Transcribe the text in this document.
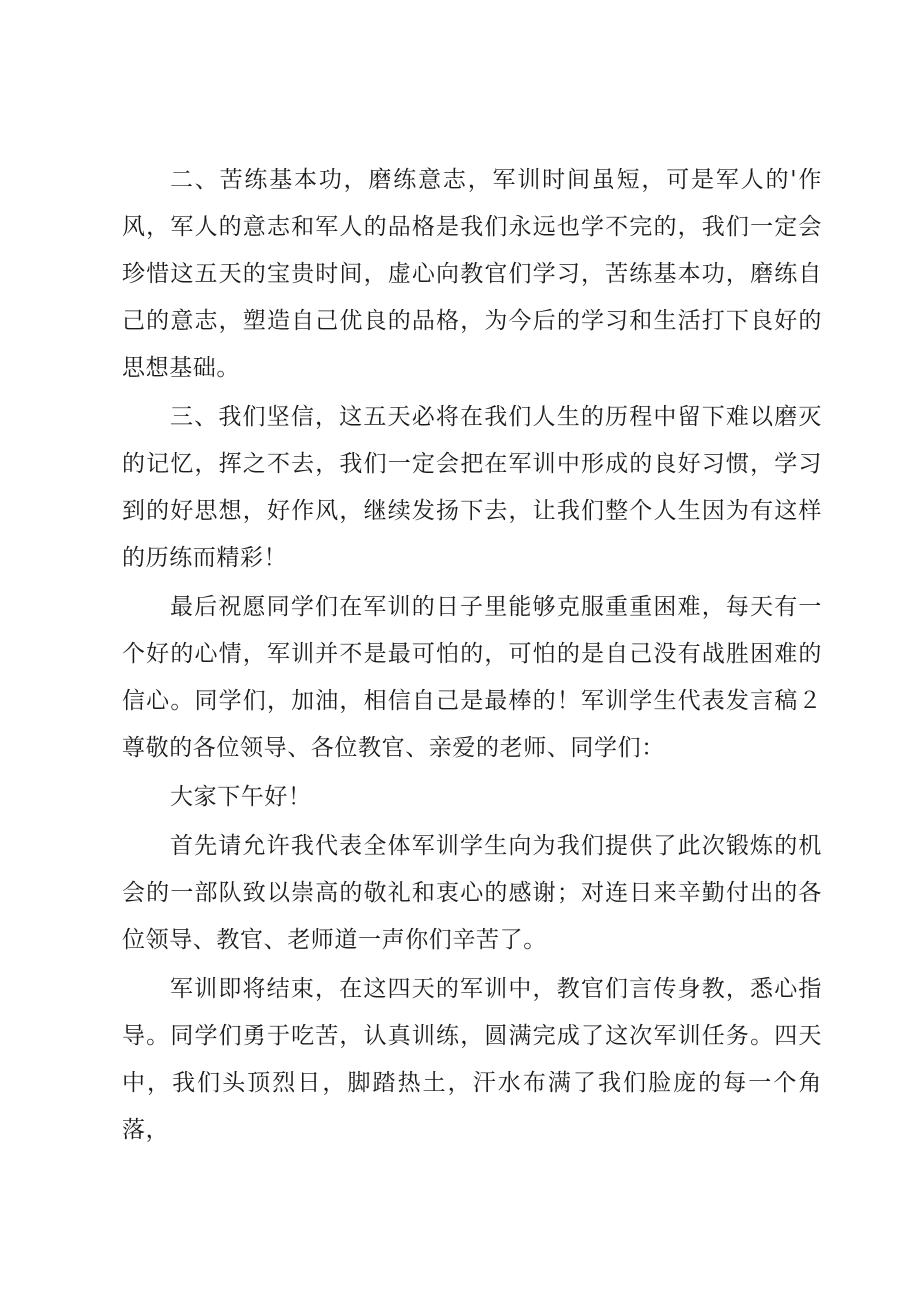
二、苦练基本功，磨练意志，军训时间虽短，可是军人的'作风，军人的意志和军人的品格是我们永远也学不完的，我们一定会珍惜这五天的宝贵时间，虚心向教官们学习，苦练基本功，磨练自己的意志，塑造自己优良的品格，为今后的学习和生活打下良好的思想基础。

三、我们坚信，这五天必将在我们人生的历程中留下难以磨灭的记忆，挥之不去，我们一定会把在军训中形成的良好习惯，学习到的好思想，好作风，继续发扬下去，让我们整个人生因为有这样的历练而精彩！

最后祝愿同学们在军训的日子里能够克服重重困难，每天有一个好的心情，军训并不是最可怕的，可怕的是自己没有战胜困难的信心。同学们，加油，相信自己是最棒的！军训学生代表发言稿２尊敬的各位领导、各位教官、亲爱的老师、同学们：

大家下午好！

首先请允许我代表全体军训学生向为我们提供了此次锻炼的机会的一部队致以崇高的敬礼和衷心的感谢；对连日来辛勤付出的各位领导、教官、老师道一声你们辛苦了。

军训即将结束，在这四天的军训中，教官们言传身教，悉心指导。同学们勇于吃苦，认真训练，圆满完成了这次军训任务。四天中，我们头顶烈日，脚踏热土，汗水布满了我们脸庞的每一个角落，
